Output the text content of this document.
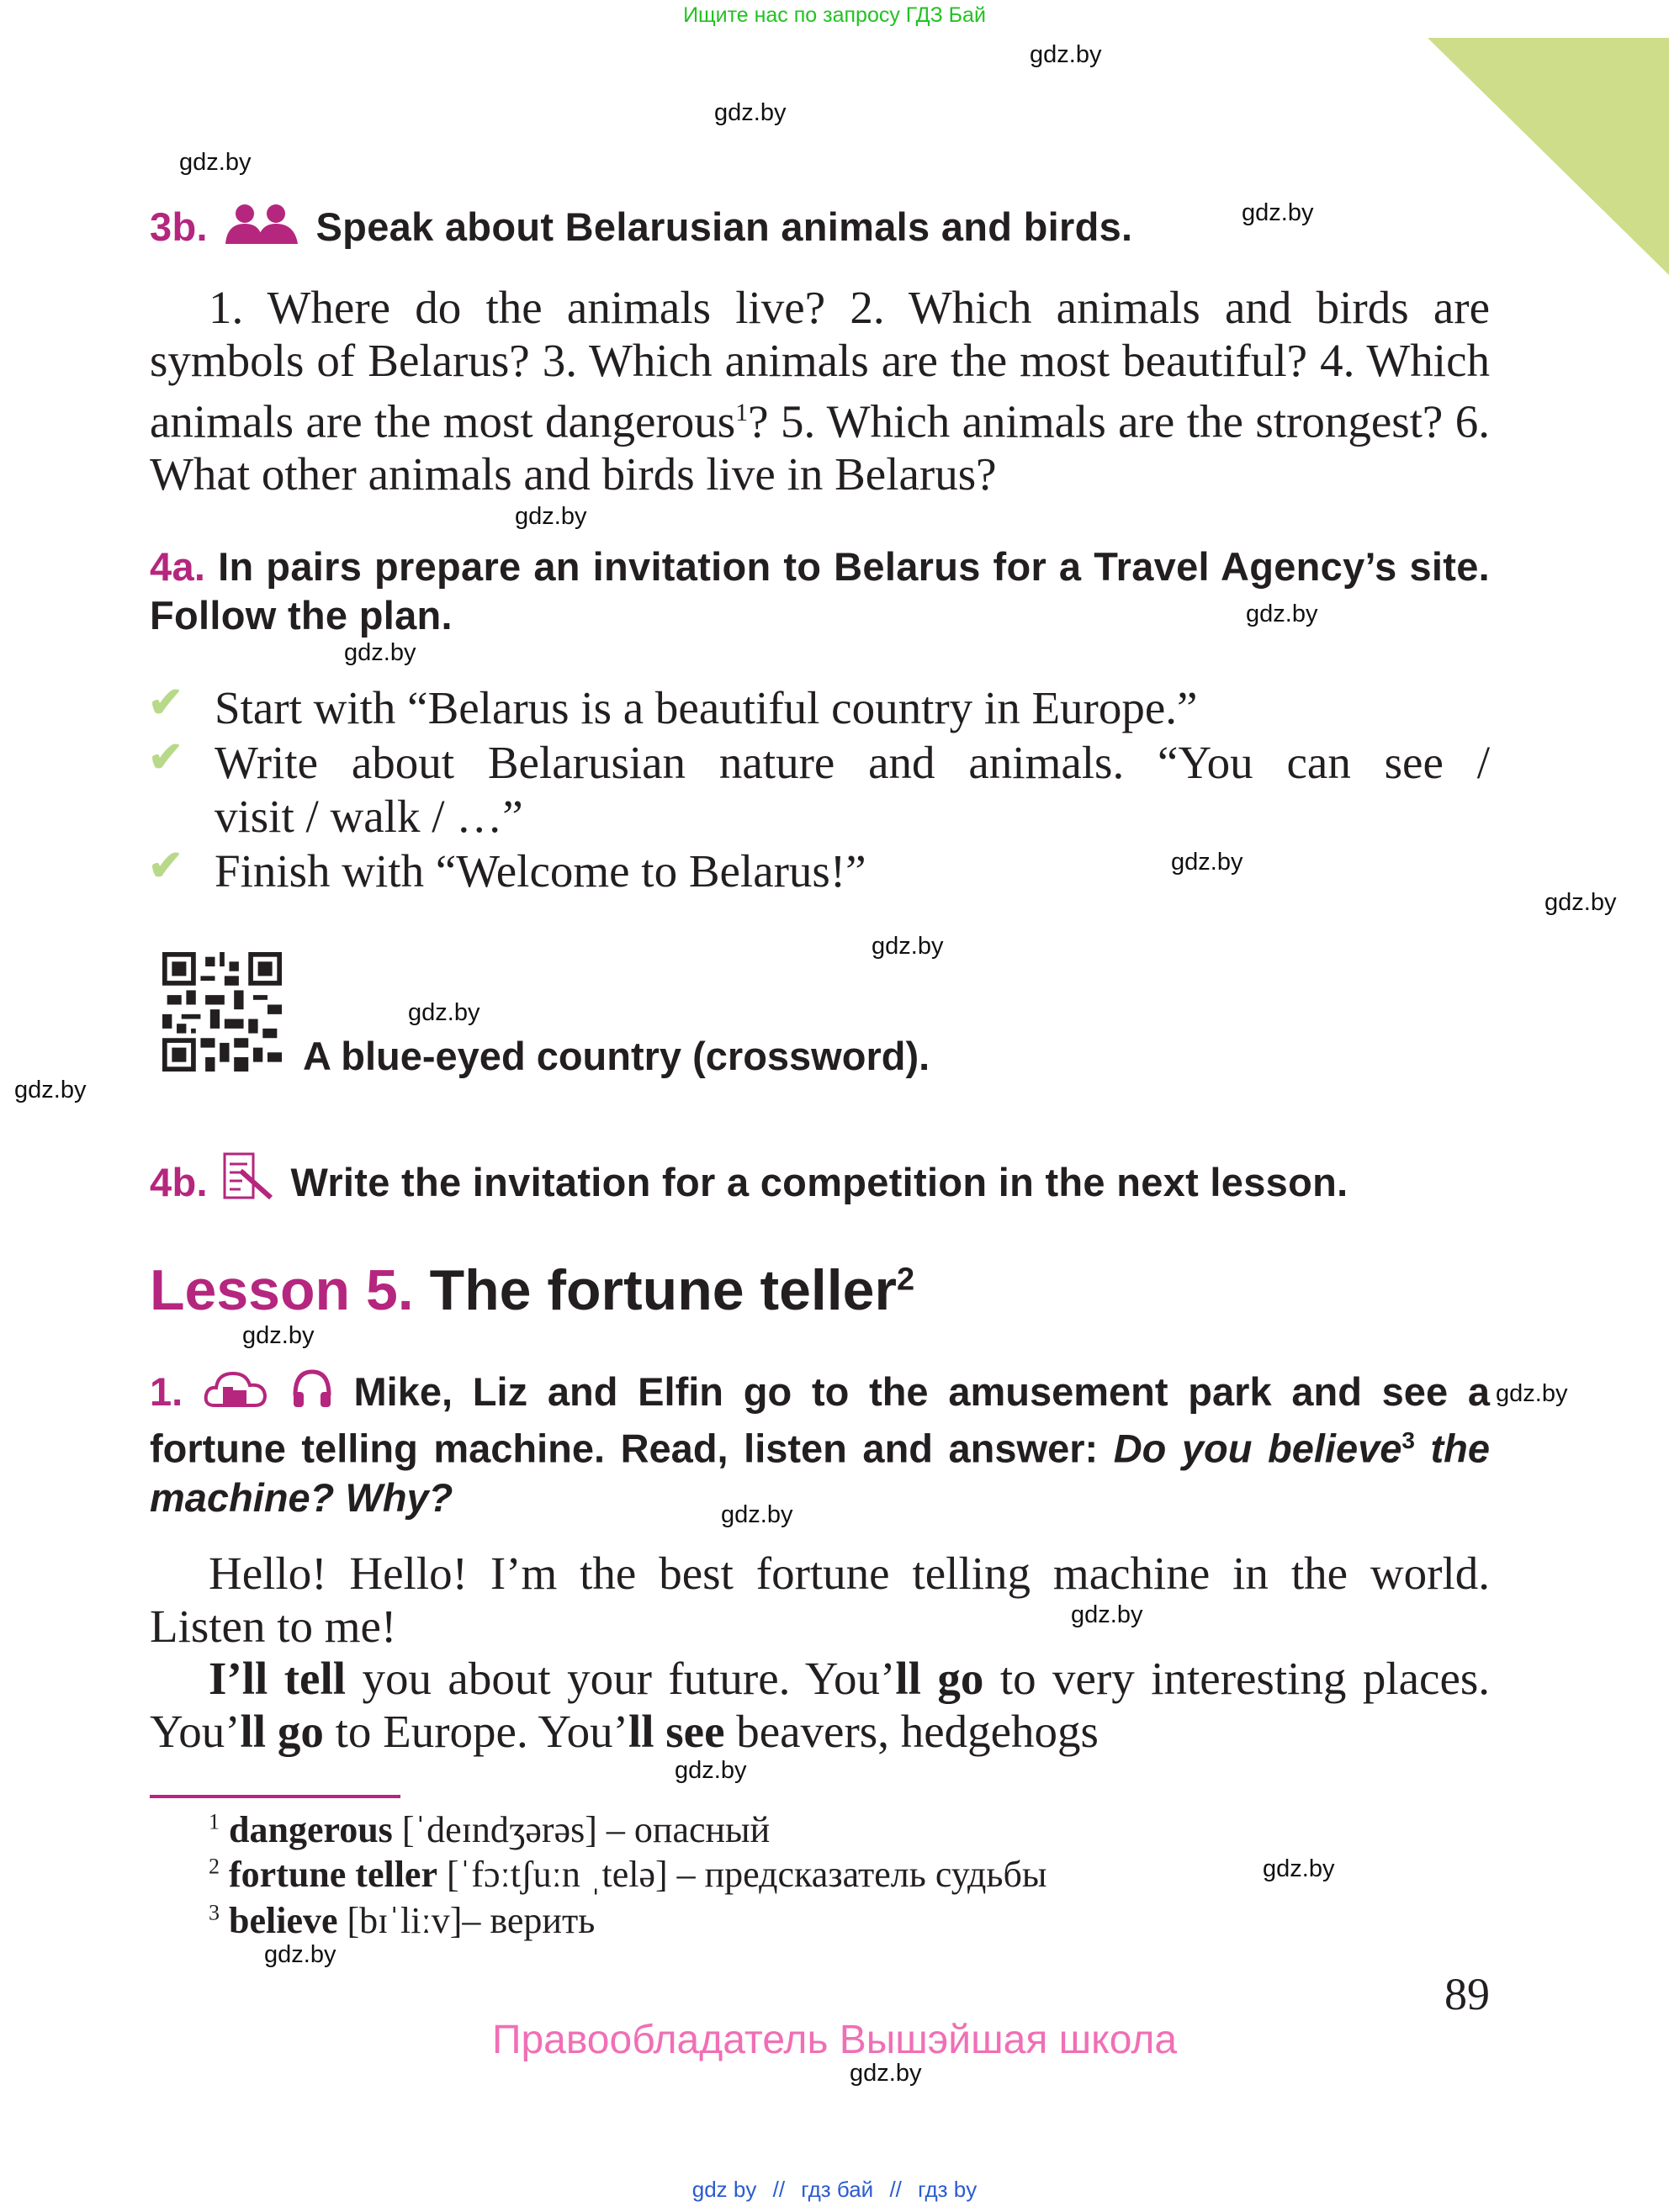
Ищите нас по запросу ГДЗ Бай
gdz.by
gdz.by
gdz.by
gdz.by
gdz.by
gdz.by
gdz.by
gdz.by
gdz.by
gdz.by
gdz.by
gdz.by
gdz.by
gdz.by
gdz.by
gdz.by
gdz.by
gdz.by
gdz.by
gdz.by
3b.	Speak about Belarusian animals and birds.
1. Where do the animals live? 2. Which animals and birds are symbols of Belarus? 3. Which animals are the most beautiful? 4. Which animals are the most dangerous$^1$? 5. Which animals are the strongest? 6. What other animals and birds live in Belarus?
4a. In pairs prepare an invitation to Belarus for a Travel Agency’s site. Follow the plan.
✔ Start with “Belarus is a beautiful country in Europe.”
✔ Write about Belarusian nature and animals. “You can see /
visit / walk / …”
✔ Finish with “Welcome to Belarus!”
A blue-eyed country (crossword).
4b. Write the invitation for a competition in the next lesson.
Lesson 5. The fortune teller$^2$
1.	Mike, Liz and Elfin go to the amusement park and see a fortune telling machine. Read, listen and answer: Do you believe$^3$ the machine? Why?
Hello! Hello! I’m the best fortune telling machine in the world. Listen to me!
I’ll tell you about your future. You’ll go to very interesting places. You’ll go to Europe. You’ll see beavers, hedgehogs
$^1$ dangerous [ˈdeɪndʒərəs] – опасный
$^2$ fortune teller [ˈfɔːtʃuːn ˌtelə] – предсказатель судьбы
$^3$ believe [bɪˈliːv]– верить
89
Правообладатель Вышэйшая школа
gdz by // гдз бай // гдз by
